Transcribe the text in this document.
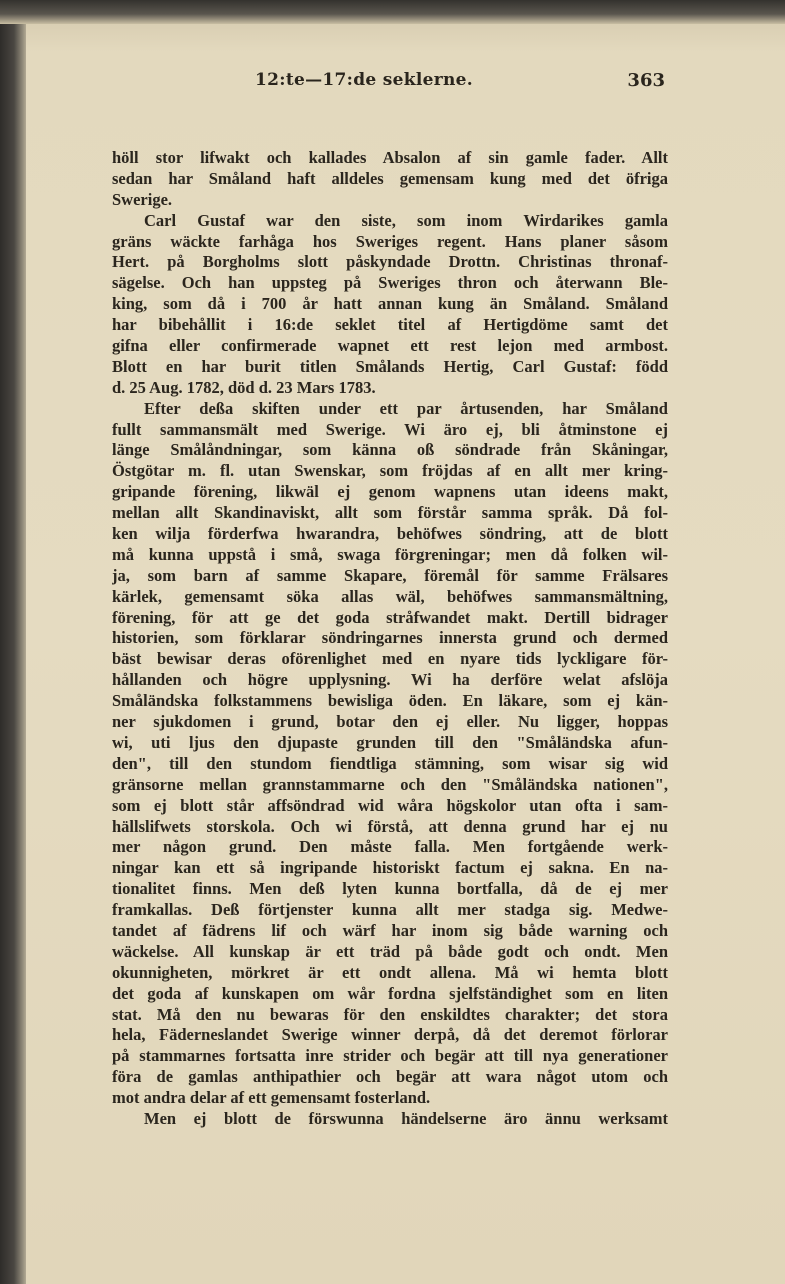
12:te—17:de seklerne.	363
höll stor lifwakt och kallades Absalon af sin gamle fader. Allt
sedan har Småland haft alldeles gemensam kung med det öfriga
Swerige.
Carl Gustaf war den siste, som inom Wirdarikes gamla
gräns wäckte farhåga hos Sweriges regent. Hans planer såsom
Hert. på Borgholms slott påskyndade Drottn. Christinas thronaf-
sägelse. Och han uppsteg på Sweriges thron och återwann Ble-
king, som då i 700 år hatt annan kung än Småland. Småland
har bibehållit i 16:de seklet titel af Hertigdöme samt det
gifna eller confirmerade wapnet ett rest lejon med armbost.
Blott en har burit titlen Smålands Hertig, Carl Gustaf: född
d. 25 Aug. 1782, död d. 23 Mars 1783.
Efter deßa skiften under ett par årtusenden, har Småland
fullt sammansmält med Swerige. Wi äro ej, bli åtminstone ej
länge Smålåndningar, som känna oß söndrade från Skåningar,
Östgötar m. fl. utan Swenskar, som fröjdas af en allt mer kring-
gripande förening, likwäl ej genom wapnens utan ideens makt,
mellan allt Skandinaviskt, allt som förstår samma språk. Då fol-
ken wilja förderfwa hwarandra, behöfwes söndring, att de blott
må kunna uppstå i små, swaga förgreningar; men då folken wil-
ja, som barn af samme Skapare, föremål för samme Frälsares
kärlek, gemensamt söka allas wäl, behöfwes sammansmältning,
förening, för att ge det goda stråfwandet makt. Dertill bidrager
historien, som förklarar söndringarnes innersta grund och dermed
bäst bewisar deras oförenlighet med en nyare tids lyckligare för-
hållanden och högre upplysning. Wi ha derföre welat afslöja
Småländska folkstammens bewisliga öden. En läkare, som ej kän-
ner sjukdomen i grund, botar den ej eller. Nu ligger, hoppas
wi, uti ljus den djupaste grunden till den "Småländska afun-
den", till den stundom fiendtliga stämning, som wisar sig wid
gränsorne mellan grannstammarne och den "Småländska nationen",
som ej blott står affsöndrad wid wåra högskolor utan ofta i sam-
hällslifwets storskola. Och wi förstå, att denna grund har ej nu
mer någon grund. Den måste falla. Men fortgående werk-
ningar kan ett så ingripande historiskt factum ej sakna. En na-
tionalitet finns. Men deß lyten kunna bortfalla, då de ej mer
framkallas. Deß förtjenster kunna allt mer stadga sig. Medwe-
tandet af fädrens lif och wärf har inom sig både warning och
wäckelse. All kunskap är ett träd på både godt och ondt. Men
okunnigheten, mörkret är ett ondt allena. Må wi hemta blott
det goda af kunskapen om wår fordna sjelfständighet som en liten
stat. Må den nu bewaras för den enskildtes charakter; det stora
hela, Fäderneslandet Swerige winner derpå, då det deremot förlorar
på stammarnes fortsatta inre strider och begär att till nya generationer
föra de gamlas anthipathier och begär att wara något utom och
mot andra delar af ett gemensamt fosterland.
Men ej blott de förswunna händelserne äro ännu werksamt
